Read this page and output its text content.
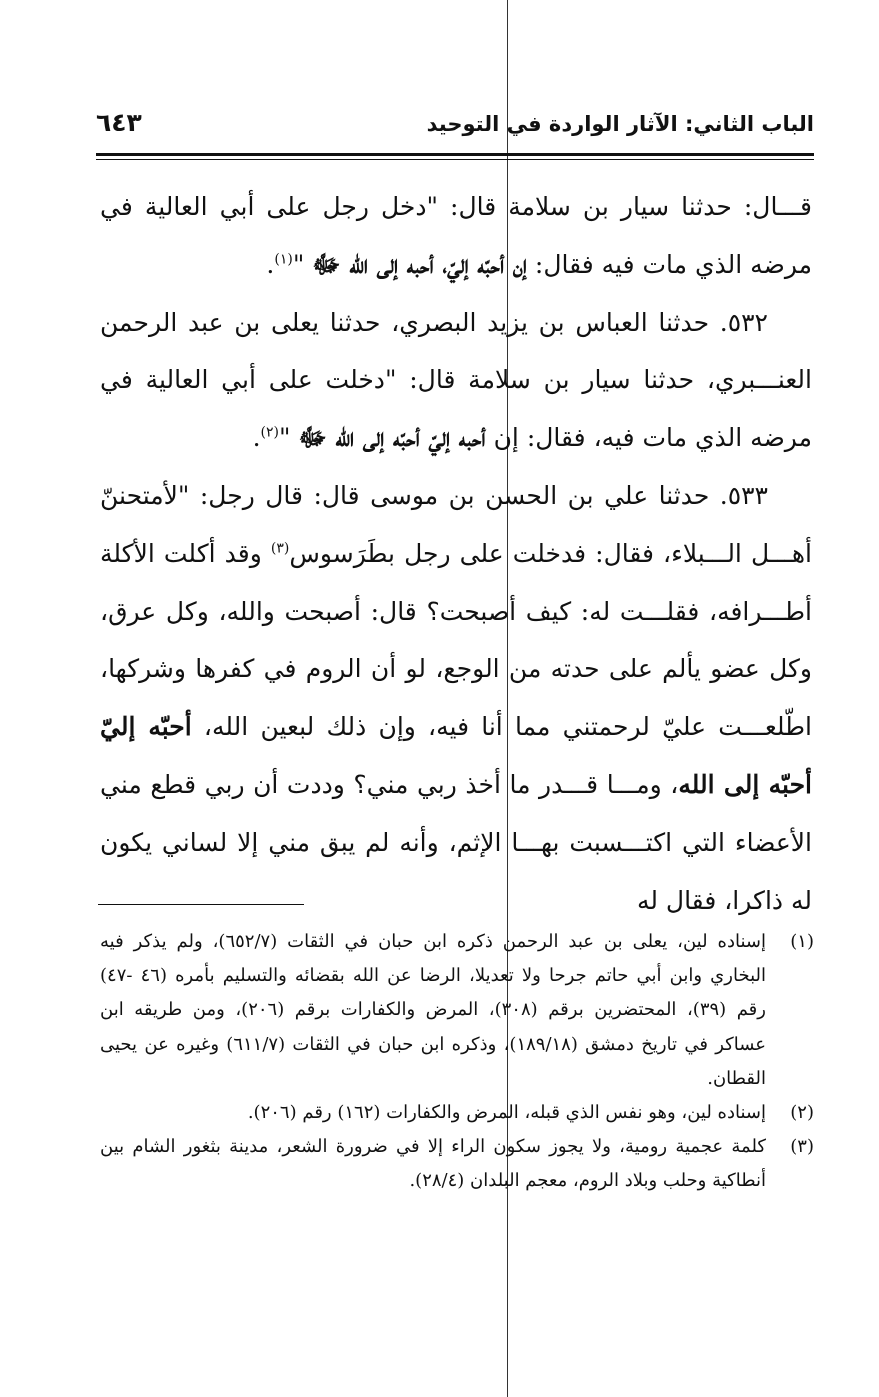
الباب الثاني: الآثار الواردة في التوحيد
٦٤٣

قـــال: حدثنا سيار بن سلامة قال: "دخل رجل على أبي العالية في مرضه الذي مات فيه فقال: إن أحبّه إليّ، أحبه إلى الله ﷻ "$^{(١)}$.

٥٣٢. حدثنا العباس بن يزيد البصري، حدثنا يعلى بن عبد الرحمن العنـــبري، حدثنا سيار بن سلامة قال: "دخلت على أبي العالية في مرضه الذي مات فيه، فقال: إن أحبه إليّ أحبّه إلى الله ﷻ "$^{(٢)}$.

٥٣٣. حدثنا علي بن الحسن بن موسى قال: قال رجل: "لأمتحننّ أهـــل الـــبلاء، فقال: فدخلت على رجل بطَرَسوس$^{(٣)}$ وقد أكلت الأكلة أطـــرافه، فقلـــت له: كيف أصبحت؟ قال: أصبحت والله، وكل عرق، وكل عضو يألم على حدته من الوجع، لو أن الروم في كفرها وشركها، اطّلعـــت عليّ لرحمتني مما أنا فيه، وإن ذلك لبعين الله، أحبّه إليّ أحبّه إلى الله، ومـــا قـــدر ما أخذ ربي مني؟ وددت أن ربي قطع مني الأعضاء التي اكتـــسبت بهـــا الإثم، وأنه لم يبق مني إلا لساني يكون له ذاكرا، فقال له

(١)
إسناده لين، يعلى بن عبد الرحمن ذكره ابن حبان في الثقات (٦٥٢/٧)، ولم يذكر فيه البخاري وابن أبي حاتم جرحا ولا تعديلا، الرضا عن الله بقضائه والتسليم بأمره (٤٦ -٤٧) رقم (٣٩)، المحتضرين برقم (٣٠٨)، المرض والكفارات برقم (٢٠٦)، ومن طريقه ابن عساكر في تاريخ دمشق (١٨٩/١٨)، وذكره ابن حبان في الثقات (٦١١/٧) وغيره عن يحيى القطان.
(٢)
إسناده لين، وهو نفس الذي قبله، المرض والكفارات (١٦٢) رقم (٢٠٦).
(٣)
كلمة عجمية رومية، ولا يجوز سكون الراء إلا في ضرورة الشعر، مدينة بثغور الشام بين أنطاكية وحلب وبلاد الروم، معجم البلدان (٢٨/٤).
